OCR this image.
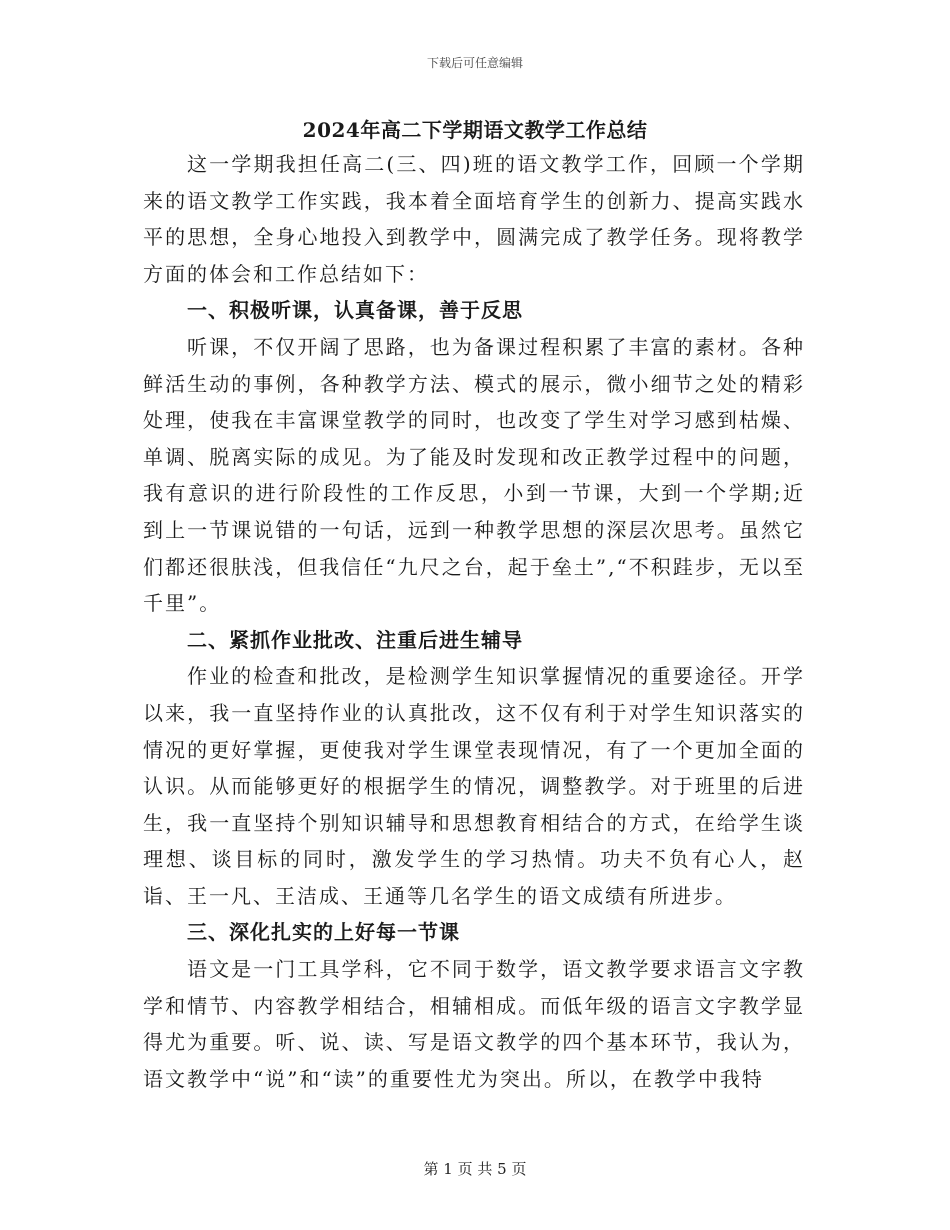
下载后可任意编辑
2024年高二下学期语文教学工作总结

这一学期我担任高二(三、四)班的语文教学工作，回顾一个学期来的语文教学工作实践，我本着全面培育学生的创新力、提高实践水平的思想，全身心地投入到教学中，圆满完成了教学任务。现将教学方面的体会和工作总结如下：

一、积极听课，认真备课，善于反思

听课，不仅开阔了思路，也为备课过程积累了丰富的素材。各种鲜活生动的事例，各种教学方法、模式的展示，微小细节之处的精彩处理，使我在丰富课堂教学的同时，也改变了学生对学习感到枯燥、单调、脱离实际的成见。为了能及时发现和改正教学过程中的问题，我有意识的进行阶段性的工作反思，小到一节课，大到一个学期;近到上一节课说错的一句话，远到一种教学思想的深层次思考。虽然它们都还很肤浅，但我信任“九尺之台，起于垒土”,“不积跬步，无以至千里”。

二、紧抓作业批改、注重后进生辅导

作业的检查和批改，是检测学生知识掌握情况的重要途径。开学以来，我一直坚持作业的认真批改，这不仅有利于对学生知识落实的情况的更好掌握，更使我对学生课堂表现情况，有了一个更加全面的认识。从而能够更好的根据学生的情况，调整教学。对于班里的后进生，我一直坚持个别知识辅导和思想教育相结合的方式，在给学生谈理想、谈目标的同时，激发学生的学习热情。功夫不负有心人，赵诣、王一凡、王洁成、王通等几名学生的语文成绩有所进步。

三、深化扎实的上好每一节课

语文是一门工具学科，它不同于数学，语文教学要求语言文字教学和情节、内容教学相结合，相辅相成。而低年级的语言文字教学显得尤为重要。听、说、读、写是语文教学的四个基本环节，我认为，语文教学中“说”和“读”的重要性尤为突出。所以，在教学中我特

第 1 页 共 5 页
